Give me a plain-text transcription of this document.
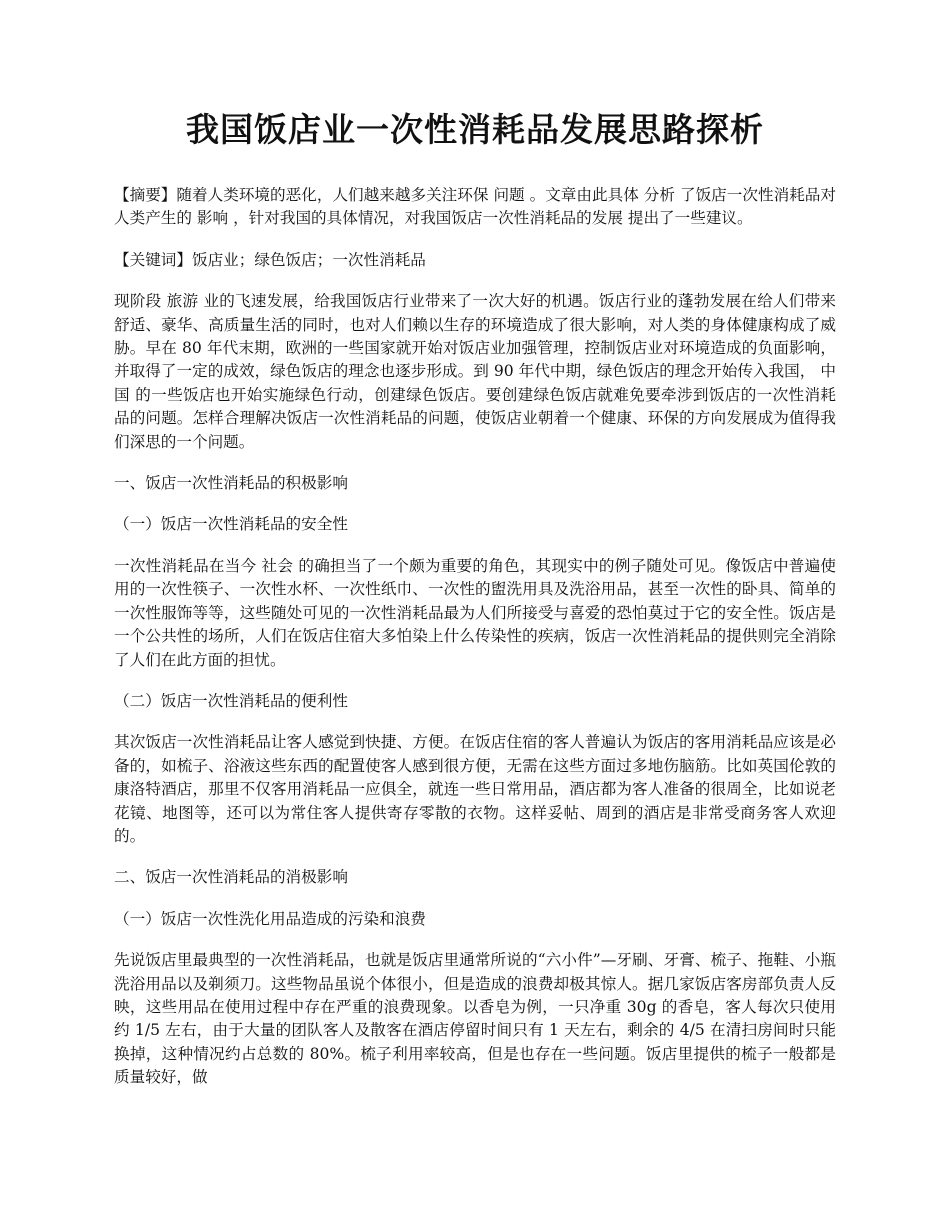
我国饭店业一次性消耗品发展思路探析

【摘要】随着人类环境的恶化，人们越来越多关注环保 问题 。文章由此具体 分析 了饭店一次性消耗品对人类产生的 影响 ，针对我国的具体情况，对我国饭店一次性消耗品的发展 提出了一些建议。

【关键词】饭店业；绿色饭店；一次性消耗品

现阶段 旅游 业的飞速发展，给我国饭店行业带来了一次大好的机遇。饭店行业的蓬勃发展在给人们带来舒适、豪华、高质量生活的同时，也对人们赖以生存的环境造成了很大影响，对人类的身体健康构成了威胁。早在 80 年代末期，欧洲的一些国家就开始对饭店业加强管理，控制饭店业对环境造成的负面影响，并取得了一定的成效，绿色饭店的理念也逐步形成。到 90 年代中期，绿色饭店的理念开始传入我国， 中国 的一些饭店也开始实施绿色行动，创建绿色饭店。要创建绿色饭店就难免要牵涉到饭店的一次性消耗品的问题。怎样合理解决饭店一次性消耗品的问题，使饭店业朝着一个健康、环保的方向发展成为值得我们深思的一个问题。

一、饭店一次性消耗品的积极影响

（一）饭店一次性消耗品的安全性

一次性消耗品在当今 社会 的确担当了一个颇为重要的角色，其现实中的例子随处可见。像饭店中普遍使用的一次性筷子、一次性水杯、一次性纸巾、一次性的盥洗用具及洗浴用品，甚至一次性的卧具、简单的一次性服饰等等，这些随处可见的一次性消耗品最为人们所接受与喜爱的恐怕莫过于它的安全性。饭店是一个公共性的场所，人们在饭店住宿大多怕染上什么传染性的疾病，饭店一次性消耗品的提供则完全消除了人们在此方面的担忧。

（二）饭店一次性消耗品的便利性

其次饭店一次性消耗品让客人感觉到快捷、方便。在饭店住宿的客人普遍认为饭店的客用消耗品应该是必备的，如梳子、浴液这些东西的配置使客人感到很方便，无需在这些方面过多地伤脑筋。比如英国伦敦的康洛特酒店，那里不仅客用消耗品一应俱全，就连一些日常用品，酒店都为客人准备的很周全，比如说老花镜、地图等，还可以为常住客人提供寄存零散的衣物。这样妥帖、周到的酒店是非常受商务客人欢迎的。

二、饭店一次性消耗品的消极影响

（一）饭店一次性洗化用品造成的污染和浪费

先说饭店里最典型的一次性消耗品，也就是饭店里通常所说的“六小件”—牙刷、牙膏、梳子、拖鞋、小瓶洗浴用品以及剃须刀。这些物品虽说个体很小，但是造成的浪费却极其惊人。据几家饭店客房部负责人反映，这些用品在使用过程中存在严重的浪费现象。以香皂为例，一只净重 30g 的香皂，客人每次只使用约 1/5 左右，由于大量的团队客人及散客在酒店停留时间只有 1 天左右，剩余的 4/5 在清扫房间时只能换掉，这种情况约占总数的 80%。梳子利用率较高，但是也存在一些问题。饭店里提供的梳子一般都是质量较好，做
